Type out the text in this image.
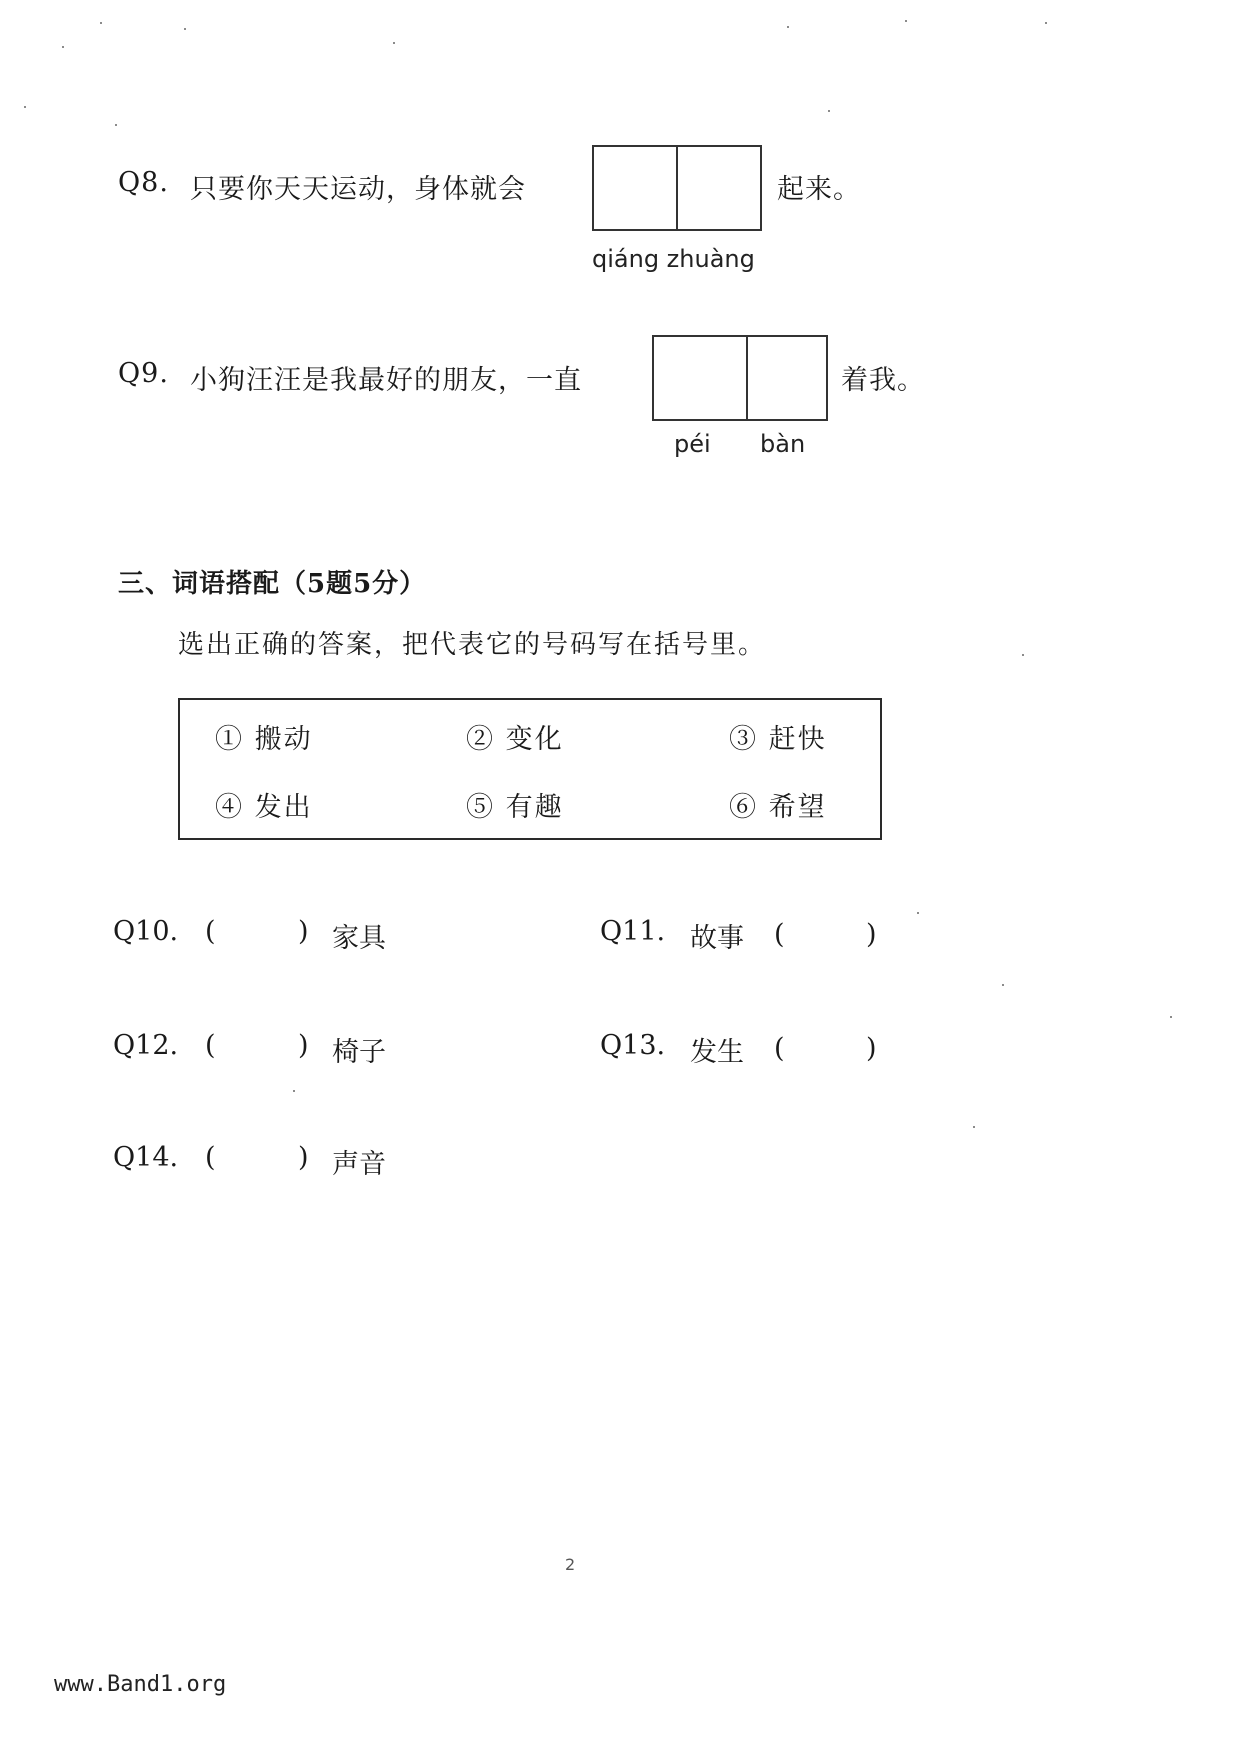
Q8. 只要你天天运动，身体就会	起来。
qiáng zhuàng
Q9. 小狗汪汪是我最好的朋友，一直	着我。
péi bàn
三、词语搭配（5题5分）
选出正确的答案，把代表它的号码写在括号里。
① 搬动	② 变化	③ 赶快
④ 发出	⑤ 有趣	⑥ 希望
Q10. (	) 家具	Q11. 故事 (	)
Q12. (	) 椅子	Q13. 发生 (	)
Q14. (	) 声音
2
www.Band1.org
